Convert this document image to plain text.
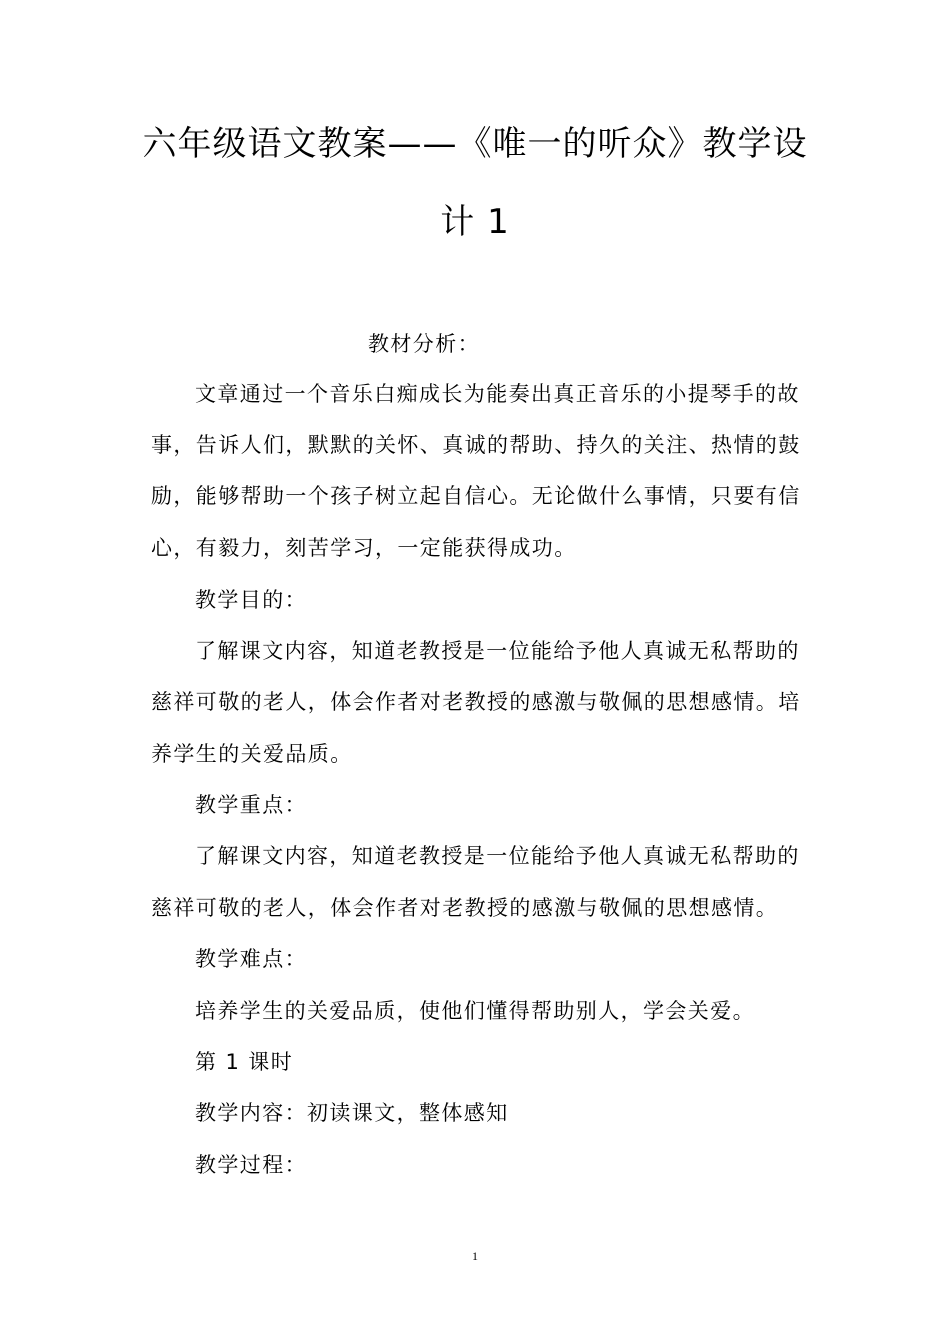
六年级语文教案——《唯一的听众》教学设
计 1
教材分析：
文章通过一个音乐白痴成长为能奏出真正音乐的小提琴手的故
事，告诉人们，默默的关怀、真诚的帮助、持久的关注、热情的鼓
励，能够帮助一个孩子树立起自信心。无论做什么事情，只要有信
心，有毅力，刻苦学习，一定能获得成功。
教学目的：
了解课文内容，知道老教授是一位能给予他人真诚无私帮助的
慈祥可敬的老人，体会作者对老教授的感激与敬佩的思想感情。培
养学生的关爱品质。
教学重点：
了解课文内容，知道老教授是一位能给予他人真诚无私帮助的
慈祥可敬的老人，体会作者对老教授的感激与敬佩的思想感情。
教学难点：
培养学生的关爱品质，使他们懂得帮助别人，学会关爱。
第 1 课时
教学内容：初读课文，整体感知
教学过程：
1
